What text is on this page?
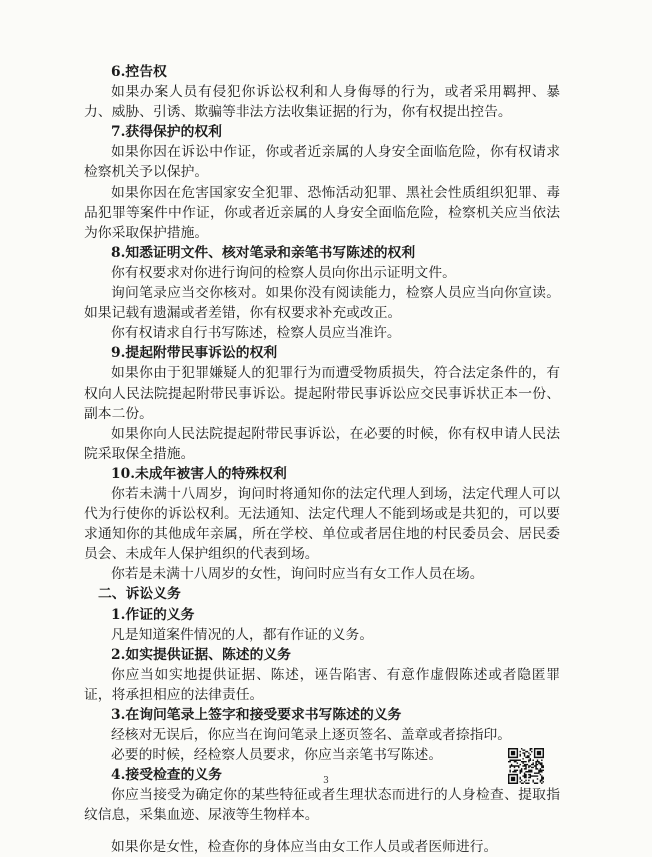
6.控告权

如果办案人员有侵犯你诉讼权利和人身侮辱的行为，或者采用羁押、暴力、威胁、引诱、欺骗等非法方法收集证据的行为，你有权提出控告。

7.获得保护的权利

如果你因在诉讼中作证，你或者近亲属的人身安全面临危险，你有权请求检察机关予以保护。

如果你因在危害国家安全犯罪、恐怖活动犯罪、黑社会性质组织犯罪、毒品犯罪等案件中作证，你或者近亲属的人身安全面临危险，检察机关应当依法为你采取保护措施。

8.知悉证明文件、核对笔录和亲笔书写陈述的权利

你有权要求对你进行询问的检察人员向你出示证明文件。

询问笔录应当交你核对。如果你没有阅读能力，检察人员应当向你宣读。如果记载有遗漏或者差错，你有权要求补充或改正。

你有权请求自行书写陈述，检察人员应当准许。

9.提起附带民事诉讼的权利

如果你由于犯罪嫌疑人的犯罪行为而遭受物质损失，符合法定条件的，有权向人民法院提起附带民事诉讼。提起附带民事诉讼应交民事诉状正本一份、副本二份。

如果你向人民法院提起附带民事诉讼，在必要的时候，你有权申请人民法院采取保全措施。

10.未成年被害人的特殊权利

你若未满十八周岁，询问时将通知你的法定代理人到场，法定代理人可以代为行使你的诉讼权利。无法通知、法定代理人不能到场或是共犯的，可以要求通知你的其他成年亲属，所在学校、单位或者居住地的村民委员会、居民委员会、未成年人保护组织的代表到场。

你若是未满十八周岁的女性，询问时应当有女工作人员在场。

二、诉讼义务

1.作证的义务

凡是知道案件情况的人，都有作证的义务。

2.如实提供证据、陈述的义务

你应当如实地提供证据、陈述，诬告陷害、有意作虚假陈述或者隐匿罪证，将承担相应的法律责任。

3.在询问笔录上签字和接受要求书写陈述的义务

经核对无误后，你应当在询问笔录上逐页签名、盖章或者捺指印。

必要的时候，经检察人员要求，你应当亲笔书写陈述。

4.接受检查的义务

你应当接受为确定你的某些特征或者生理状态而进行的人身检查、提取指纹信息，采集血迹、尿液等生物样本。

如果你是女性，检查你的身体应当由女工作人员或者医师进行。

3
